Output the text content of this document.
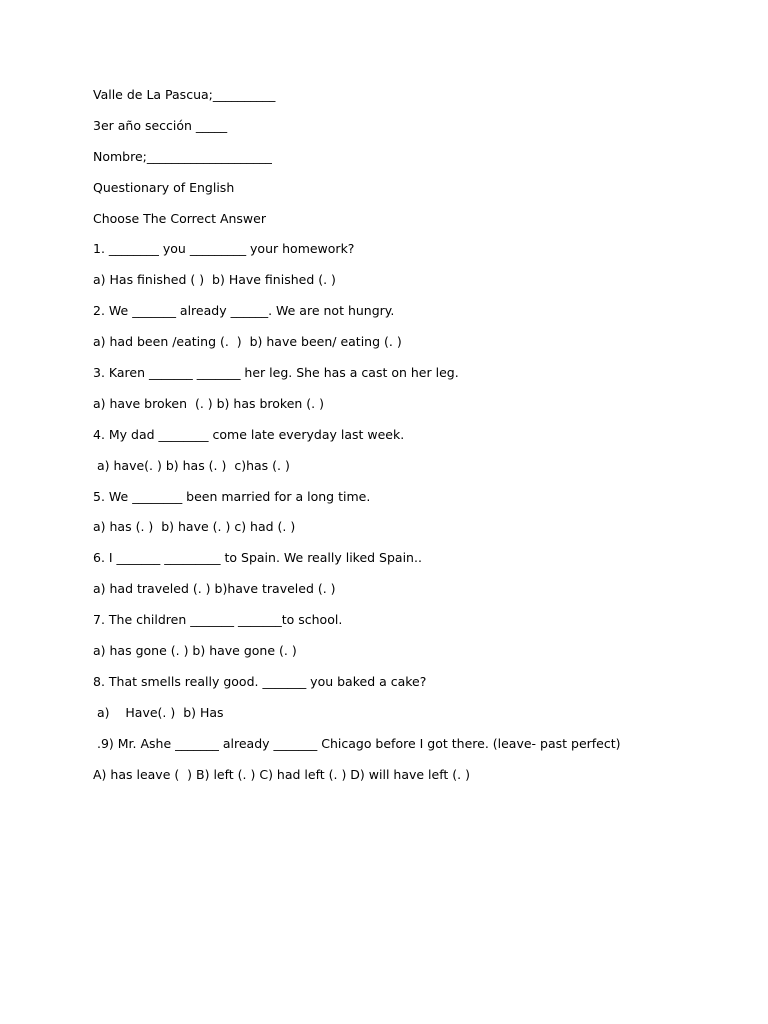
Valle de La Pascua;__________
3er año sección _____
Nombre;____________________
Questionary of English
Choose The Correct Answer
1. ________ you _________ your homework?
a) Has finished ( )  b) Have finished (. )
2. We _______ already ______. We are not hungry.
a) had been /eating (.  )  b) have been/ eating (. )
3. Karen _______ _______ her leg. She has a cast on her leg.
a) have broken  (. ) b) has broken (. )
4. My dad ________ come late everyday last week.
a) have(. ) b) has (. )  c)has (. )
5. We ________ been married for a long time.
a) has (. )  b) have (. ) c) had (. )
6. I _______ _________ to Spain. We really liked Spain..
a) had traveled (. ) b)have traveled (. )
7. The children _______ _______to school.
a) has gone (. ) b) have gone (. )
8. That smells really good. _______ you baked a cake?
a)    Have(. )  b) Has
.9) Mr. Ashe _______ already _______ Chicago before I got there. (leave- past perfect)
A) has leave (  ) B) left (. ) C) had left (. ) D) will have left (. )
